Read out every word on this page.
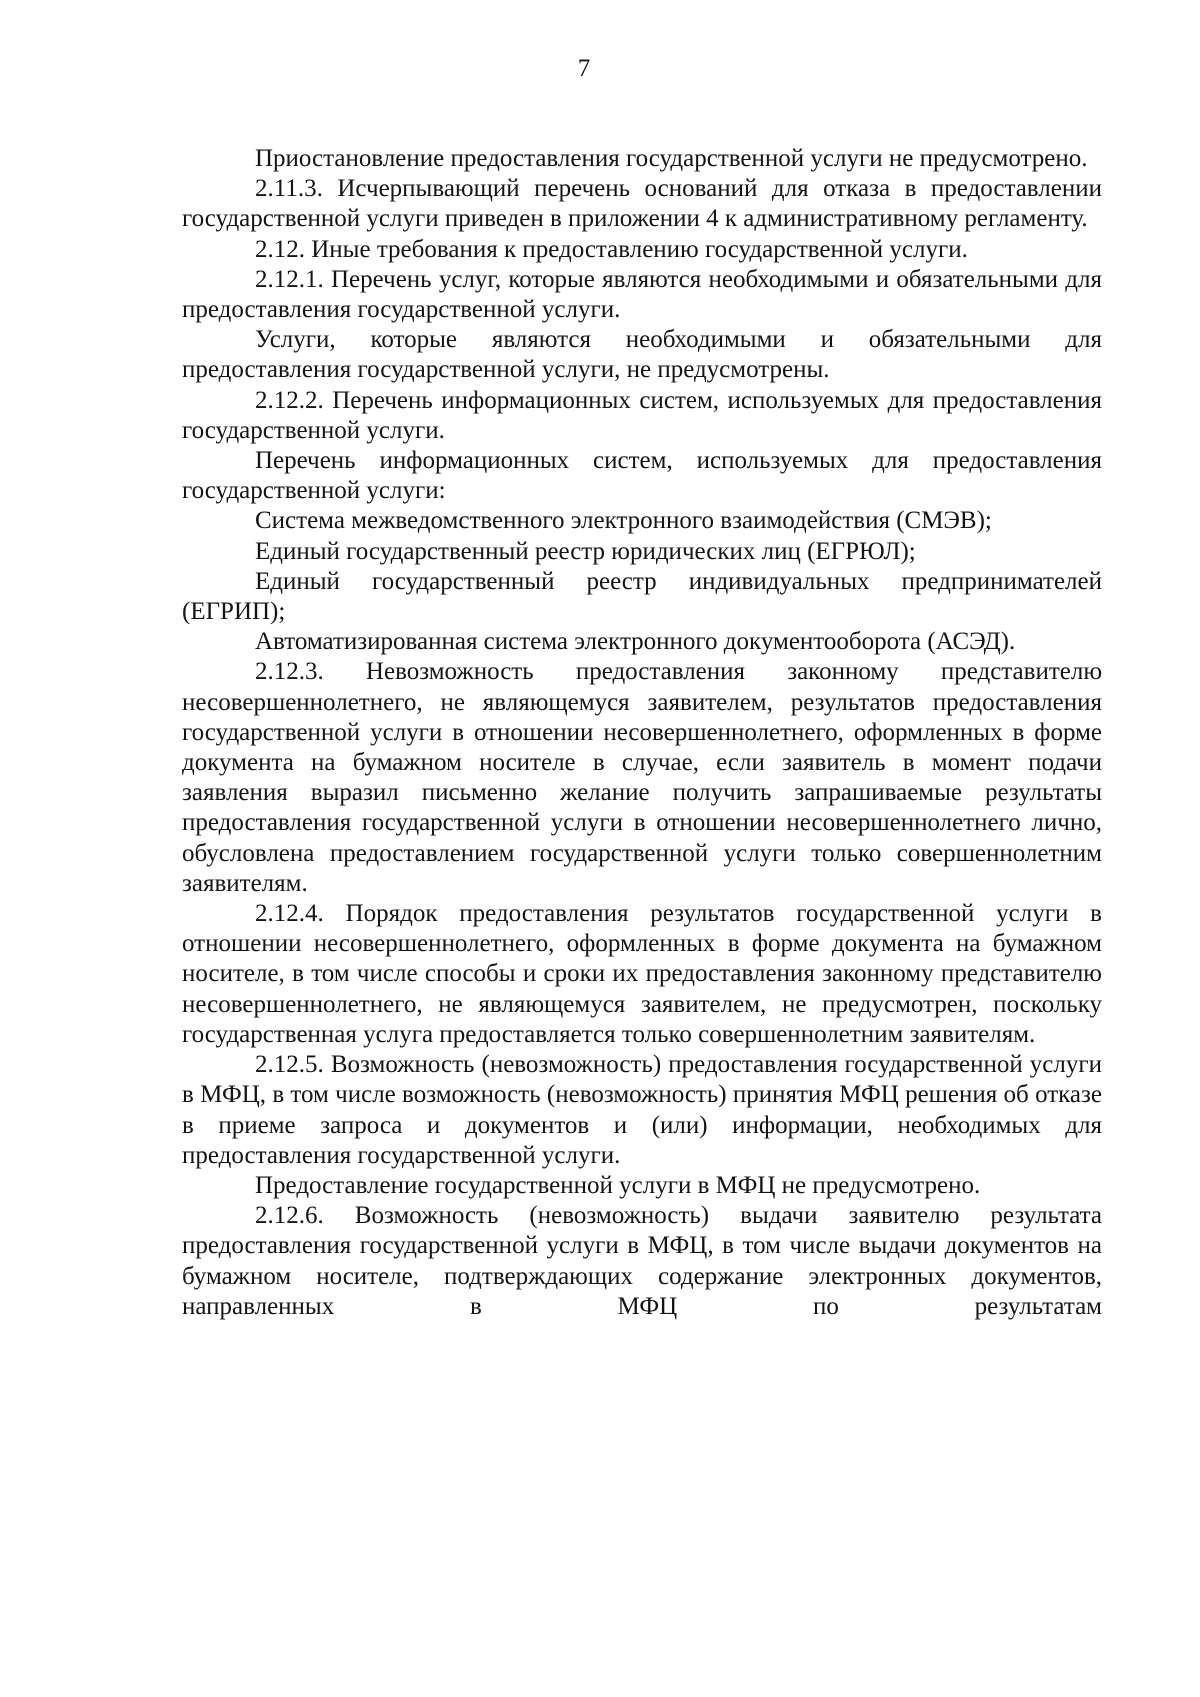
7

Приостановление предоставления государственной услуги не предусмотрено.

2.11.3. Исчерпывающий перечень оснований для отказа в предоставлении государственной услуги приведен в приложении 4 к административному регламенту.

2.12. Иные требования к предоставлению государственной услуги.

2.12.1. Перечень услуг, которые являются необходимыми и обязательными для предоставления государственной услуги.

Услуги, которые являются необходимыми и обязательными для предоставления государственной услуги, не предусмотрены.

2.12.2. Перечень информационных систем, используемых для предоставления государственной услуги.

Перечень информационных систем, используемых для предоставления государственной услуги:

Система межведомственного электронного взаимодействия (СМЭВ);

Единый государственный реестр юридических лиц (ЕГРЮЛ);

Единый государственный реестр индивидуальных предпринимателей (ЕГРИП);

Автоматизированная система электронного документооборота (АСЭД).

2.12.3. Невозможность предоставления законному представителю несовершеннолетнего, не являющемуся заявителем, результатов предоставления государственной услуги в отношении несовершеннолетнего, оформленных в форме документа на бумажном носителе в случае, если заявитель в момент подачи заявления выразил письменно желание получить запрашиваемые результаты предоставления государственной услуги в отношении несовершеннолетнего лично, обусловлена предоставлением государственной услуги только совершеннолетним заявителям.

2.12.4. Порядок предоставления результатов государственной услуги в отношении несовершеннолетнего, оформленных в форме документа на бумажном носителе, в том числе способы и сроки их предоставления законному представителю несовершеннолетнего, не являющемуся заявителем, не предусмотрен, поскольку государственная услуга предоставляется только совершеннолетним заявителям.

2.12.5. Возможность (невозможность) предоставления государственной услуги в МФЦ, в том числе возможность (невозможность) принятия МФЦ решения об отказе в приеме запроса и документов и (или) информации, необходимых для предоставления государственной услуги.

Предоставление государственной услуги в МФЦ не предусмотрено.

2.12.6. Возможность (невозможность) выдачи заявителю результата предоставления государственной услуги в МФЦ, в том числе выдачи документов на бумажном носителе, подтверждающих содержание электронных документов, направленных в МФЦ по результатам
